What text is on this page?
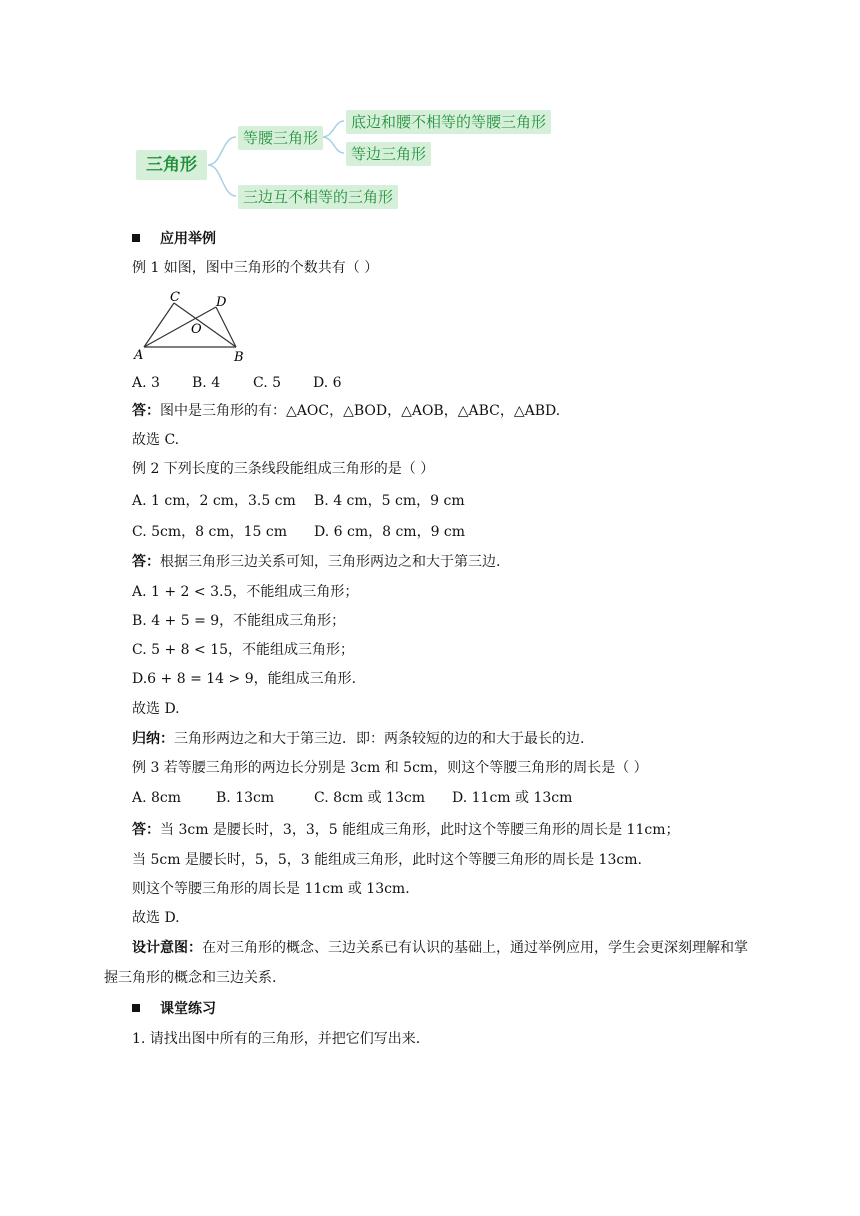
三角形
等腰三角形
底边和腰不相等的等腰三角形
等边三角形
三边互不相等的三角形
应用举例
例 1 如图，图中三角形的个数共有（ ）
C	D
O
A	B
A. 3 B. 4 C. 5 D. 6
答：图中是三角形的有：△AOC，△BOD，△AOB，△ABC，△ABD.
故选 C.
例 2 下列长度的三条线段能组成三角形的是（ ）
A. 1 cm，2 cm，3.5 cm B. 4 cm，5 cm，9 cm
C. 5cm，8 cm，15 cm D. 6 cm，8 cm，9 cm
答：根据三角形三边关系可知，三角形两边之和大于第三边.
A. 1 + 2 < 3.5，不能组成三角形；
B. 4 + 5 = 9，不能组成三角形；
C. 5 + 8 < 15，不能组成三角形；
D.6 + 8 = 14 > 9，能组成三角形.
故选 D.
归纳：三角形两边之和大于第三边．即：两条较短的边的和大于最长的边.
例 3 若等腰三角形的两边长分别是 3cm 和 5cm，则这个等腰三角形的周长是（ ）
A. 8cm B. 13cm	C. 8cm 或 13cm D. 11cm 或 13cm
答：当 3cm 是腰长时，3，3，5 能组成三角形，此时这个等腰三角形的周长是 11cm；
当 5cm 是腰长时，5，5，3 能组成三角形，此时这个等腰三角形的周长是 13cm.
则这个等腰三角形的周长是 11cm 或 13cm.
故选 D.
设计意图：在对三角形的概念、三边关系已有认识的基础上，通过举例应用，学生会更深刻理解和掌握三角形的概念和三边关系.
课堂练习
1. 请找出图中所有的三角形，并把它们写出来.
